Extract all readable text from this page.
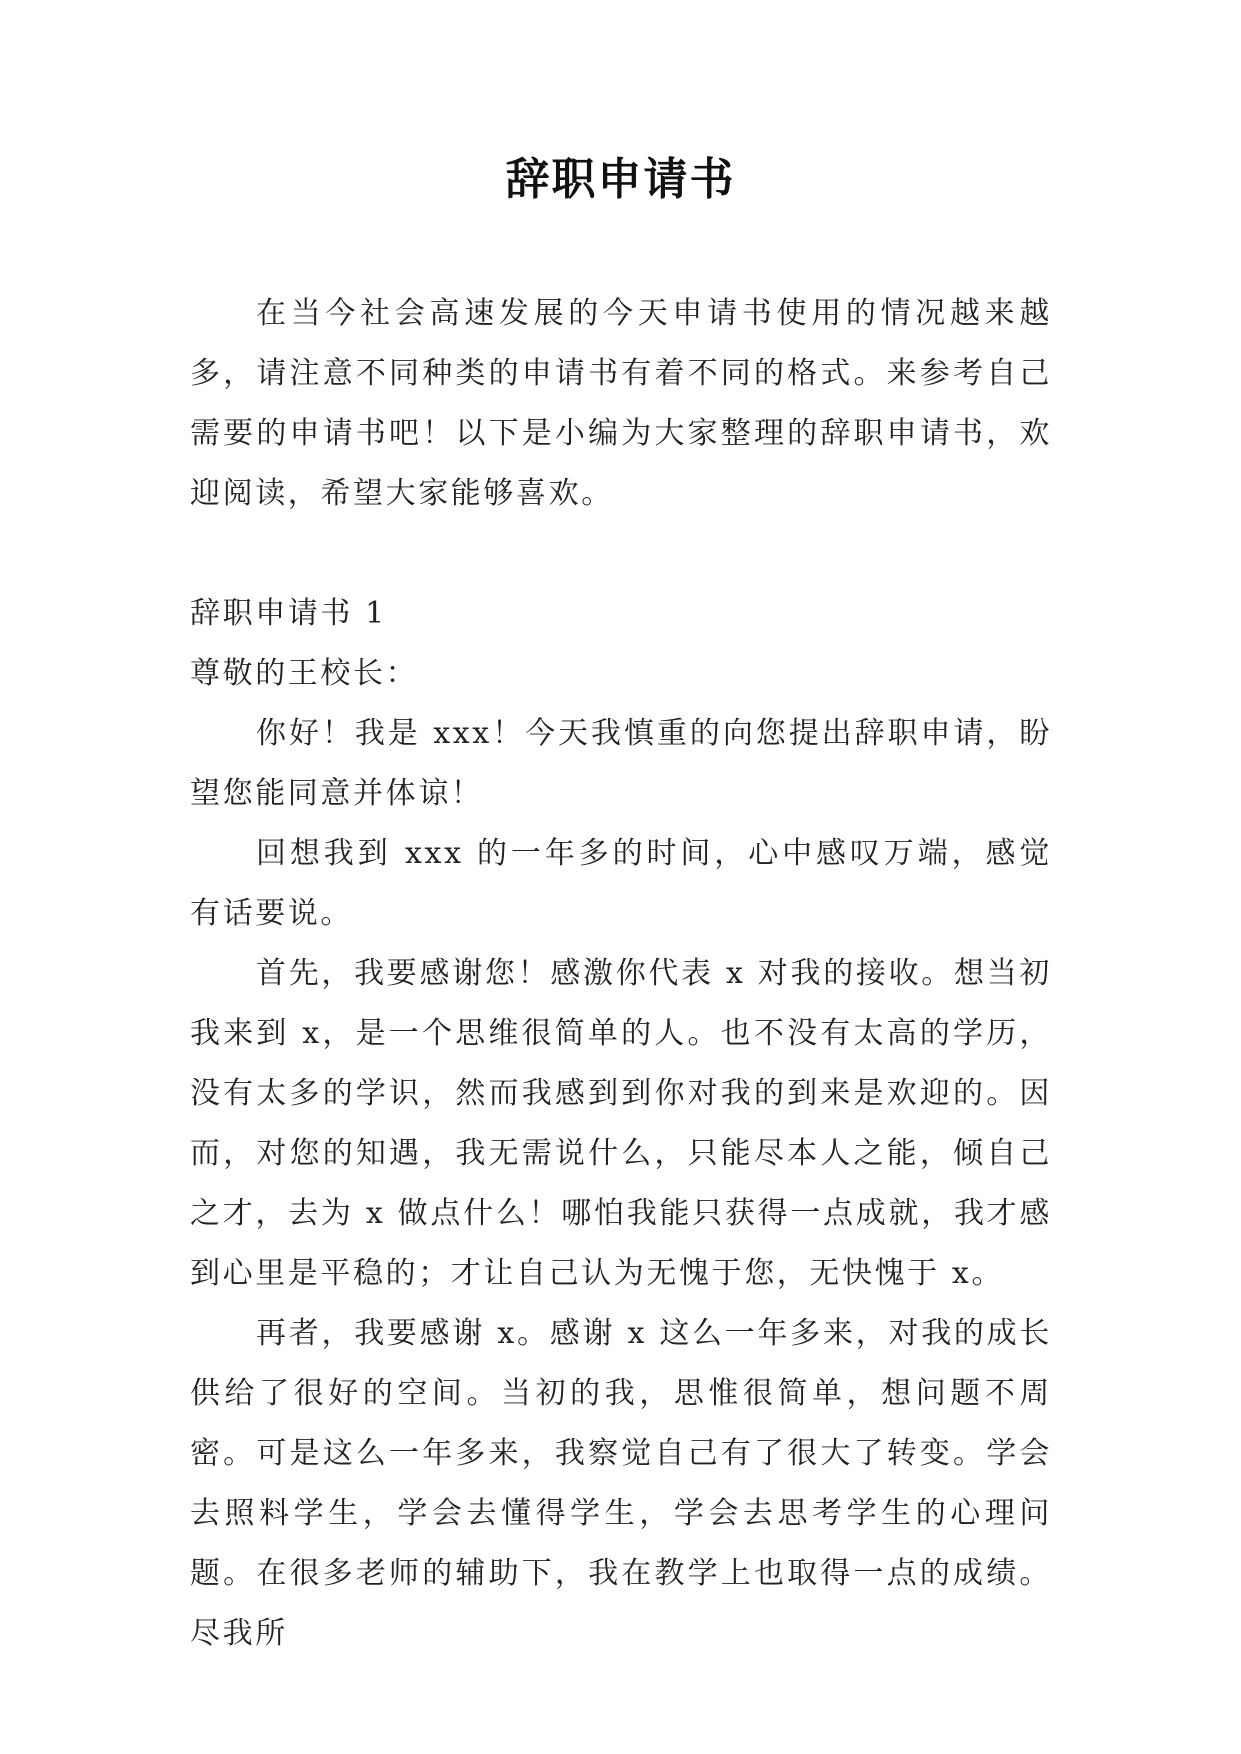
辞职申请书

在当今社会高速发展的今天申请书使用的情况越来越多，请注意不同种类的申请书有着不同的格式。来参考自己需要的申请书吧！以下是小编为大家整理的辞职申请书，欢迎阅读，希望大家能够喜欢。

辞职申请书 1

尊敬的王校长：

你好！我是 xxx！今天我慎重的向您提出辞职申请，盼望您能同意并体谅！

回想我到 xxx 的一年多的时间，心中感叹万端，感觉有话要说。

首先，我要感谢您！感激你代表 x 对我的接收。想当初我来到 x，是一个思维很简单的人。也不没有太高的学历，没有太多的学识，然而我感到到你对我的到来是欢迎的。因而，对您的知遇，我无需说什么，只能尽本人之能，倾自己之才，去为 x 做点什么！哪怕我能只获得一点成就，我才感到心里是平稳的；才让自己认为无愧于您，无快愧于 x。

再者，我要感谢 x。感谢 x 这么一年多来，对我的成长供给了很好的空间。当初的我，思惟很简单，想问题不周密。可是这么一年多来，我察觉自己有了很大了转变。学会去照料学生，学会去懂得学生，学会去思考学生的心理问题。在很多老师的辅助下，我在教学上也取得一点的成绩。尽我所
